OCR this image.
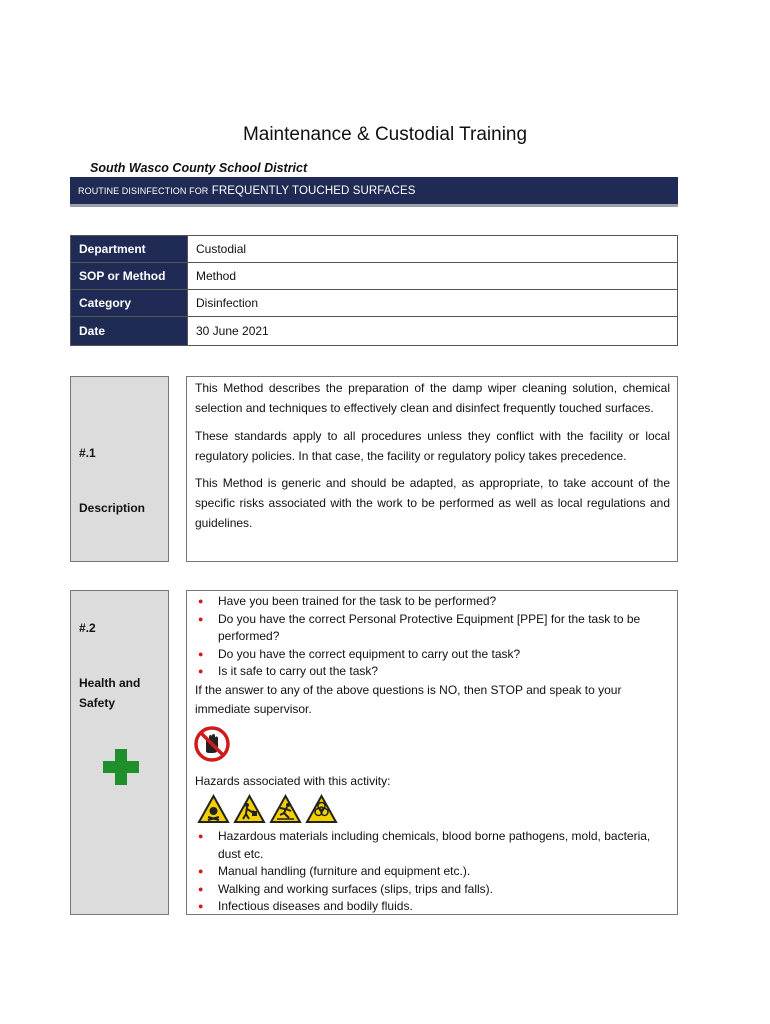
Maintenance & Custodial Training
South Wasco County School District
ROUTINE DISINFECTION FOR FREQUENTLY TOUCHED SURFACES
Department	Custodial
SOP or Method	Method
Category	Disinfection
Date	30 June 2021
#.1
Description
This Method describes the preparation of the damp wiper cleaning solution, chemical selection and techniques to effectively clean and disinfect frequently touched surfaces.
These standards apply to all procedures unless they conflict with the facility or local regulatory policies. In that case, the facility or regulatory policy takes precedence.
This Method is generic and should be adapted, as appropriate, to take account of the specific risks associated with the work to be performed as well as local regulations and guidelines.
#.2
Health and
Safety
● Have you been trained for the task to be performed?
● Do you have the correct Personal Protective Equipment [PPE] for the task to be performed?
● Do you have the correct equipment to carry out the task?
● Is it safe to carry out the task?
If the answer to any of the above questions is NO, then STOP and speak to your immediate supervisor.
Hazards associated with this activity:
● Hazardous materials including chemicals, blood borne pathogens, mold, bacteria, dust etc.
● Manual handling (furniture and equipment etc.).
● Walking and working surfaces (slips, trips and falls).
● Infectious diseases and bodily fluids.
